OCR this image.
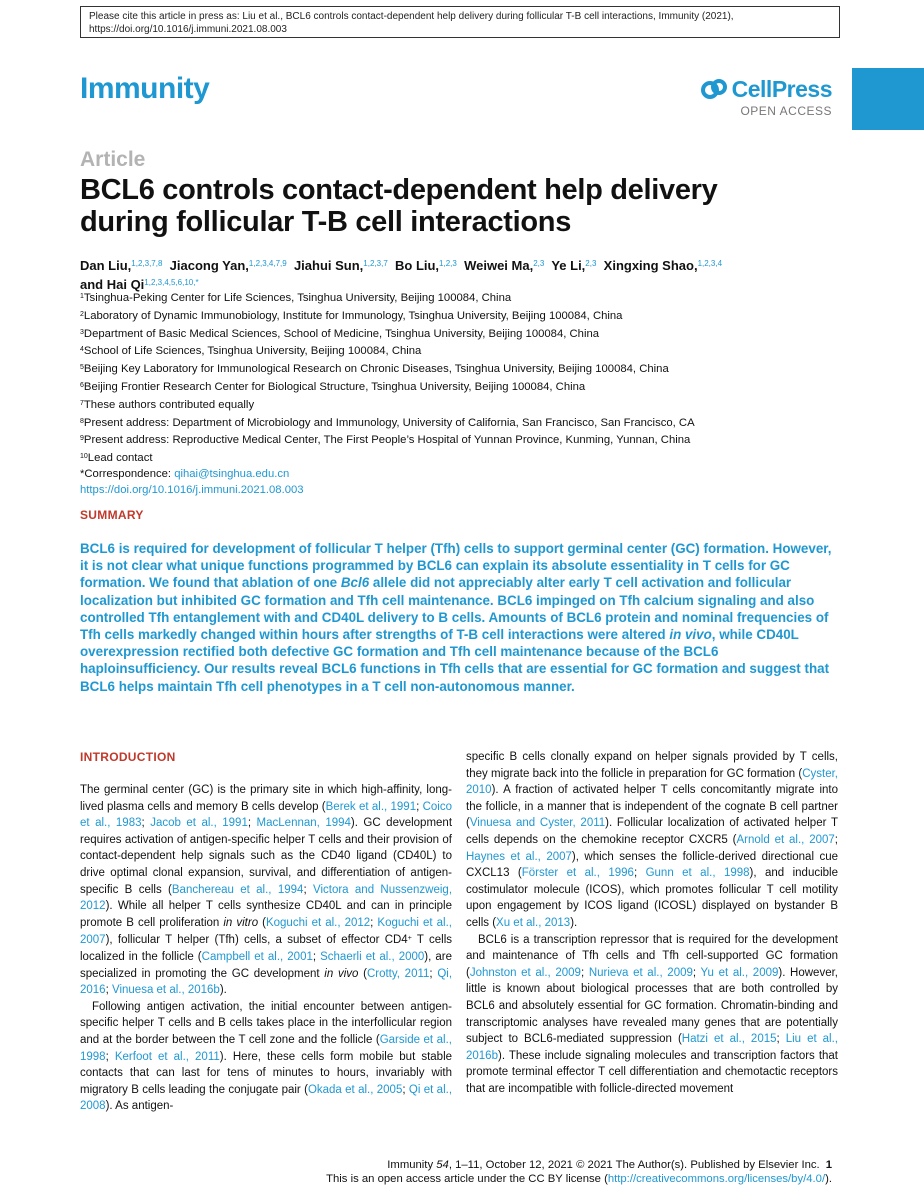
Please cite this article in press as: Liu et al., BCL6 controls contact-dependent help delivery during follicular T-B cell interactions, Immunity (2021),
https://doi.org/10.1016/j.immuni.2021.08.003
Immunity	CellPress
OPEN ACCESS
Article
BCL6 controls contact-dependent help delivery
during follicular T-B cell interactions
Dan Liu,$^{1,2,3,7,8}$ Jiacong Yan,$^{1,2,3,4,7,9}$ Jiahui Sun,$^{1,2,3,7}$ Bo Liu,$^{1,2,3}$ Weiwei Ma,$^{2,3}$ Ye Li,$^{2,3}$ Xingxing Shao,$^{1,2,3,4}$
and Hai $Qi^{1,2,3,4,5,6,10,*}$
$^1$Tsinghua-Peking Center for Life Sciences, Tsinghua University, Beijing 100084, China
$^2$Laboratory of Dynamic Immunobiology, Institute for Immunology, Tsinghua University, Beijing 100084, China
$^3$Department of Basic Medical Sciences, School of Medicine, Tsinghua University, Beijing 100084, China
$^4$School of Life Sciences, Tsinghua University, Beijing 100084, China
$^5$Beijing Key Laboratory for Immunological Research on Chronic Diseases, Tsinghua University, Beijing 100084, China
$^6$Beijing Frontier Research Center for Biological Structure, Tsinghua University, Beijing 100084, China
$^7$These authors contributed equally
$^8$Present address: Department of Microbiology and Immunology, University of California, San Francisco, San Francisco, CA
$^9$Present address: Reproductive Medical Center, The First People’s Hospital of Yunnan Province, Kunming, Yunnan, China
$^{10}$Lead contact
*Correspondence: qihai@tsinghua.edu.cn
https://doi.org/10.1016/j.immuni.2021.08.003
SUMMARY
BCL6 is required for development of follicular T helper (Tfh) cells to support germinal center (GC) formation. However, it is not clear what unique functions programmed by BCL6 can explain its absolute essentiality in T cells for GC formation. We found that ablation of one Bcl6 allele did not appreciably alter early T cell activation and follicular localization but inhibited GC formation and Tfh cell maintenance. BCL6 impinged on Tfh calcium signaling and also controlled Tfh entanglement with and CD40L delivery to B cells. Amounts of BCL6 protein and nominal frequencies of Tfh cells markedly changed within hours after strengths of T-B cell interactions were altered in vivo, while CD40L overexpression rectified both defective GC formation and Tfh cell maintenance because of the BCL6 haploinsufficiency. Our results reveal BCL6 functions in Tfh cells that are essential for GC formation and suggest that BCL6 helps maintain Tfh cell phenotypes in a T cell non-autonomous manner.
INTRODUCTION

The germinal center (GC) is the primary site in which high-affinity, long-lived plasma cells and memory B cells develop (Berek et al., 1991; Coico et al., 1983; Jacob et al., 1991; MacLennan, 1994). GC development requires activation of antigen-specific helper T cells and their provision of contact-dependent help signals such as the CD40 ligand (CD40L) to drive optimal clonal expansion, survival, and differentiation of antigen-specific B cells (Banchereau et al., 1994; Victora and Nussenzweig, 2012). While all helper T cells synthesize CD40L and can in principle promote B cell proliferation in vitro (Koguchi et al., 2012; Koguchi et al., 2007), follicular T helper (Tfh) cells, a subset of effector CD4+ T cells localized in the follicle (Campbell et al., 2001; Schaerli et al., 2000), are specialized in promoting the GC development in vivo (Crotty, 2011; Qi, 2016; Vinuesa et al., 2016b).

Following antigen activation, the initial encounter between antigen-specific helper T cells and B cells takes place in the interfollicular region and at the border between the T cell zone and the follicle (Garside et al., 1998; Kerfoot et al., 2011). Here, these cells form mobile but stable contacts that can last for tens of minutes to hours, invariably with migratory B cells leading the conjugate pair (Okada et al., 2005; Qi et al., 2008). As antigen-

specific B cells clonally expand on helper signals provided by T cells, they migrate back into the follicle in preparation for GC formation (Cyster, 2010). A fraction of activated helper T cells concomitantly migrate into the follicle, in a manner that is independent of the cognate B cell partner (Vinuesa and Cyster, 2011). Follicular localization of activated helper T cells depends on the chemokine receptor CXCR5 (Arnold et al., 2007; Haynes et al., 2007), which senses the follicle-derived directional cue CXCL13 (Förster et al., 1996; Gunn et al., 1998), and inducible costimulator molecule (ICOS), which promotes follicular T cell motility upon engagement by ICOS ligand (ICOSL) displayed on bystander B cells (Xu et al., 2013).

BCL6 is a transcription repressor that is required for the development and maintenance of Tfh cells and Tfh cell-supported GC formation (Johnston et al., 2009; Nurieva et al., 2009; Yu et al., 2009). However, little is known about biological processes that are both controlled by BCL6 and absolutely essential for GC formation. Chromatin-binding and transcriptomic analyses have revealed many genes that are potentially subject to BCL6-mediated suppression (Hatzi et al., 2015; Liu et al., 2016b). These include signaling molecules and transcription factors that promote terminal effector T cell differentiation and chemotactic receptors that are incompatible with follicle-directed movement

Immunity 54, 1–11, October 12, 2021 © 2021 The Author(s). Published by Elsevier Inc. 1
This is an open access article under the CC BY license (http://creativecommons.org/licenses/by/4.0/).
